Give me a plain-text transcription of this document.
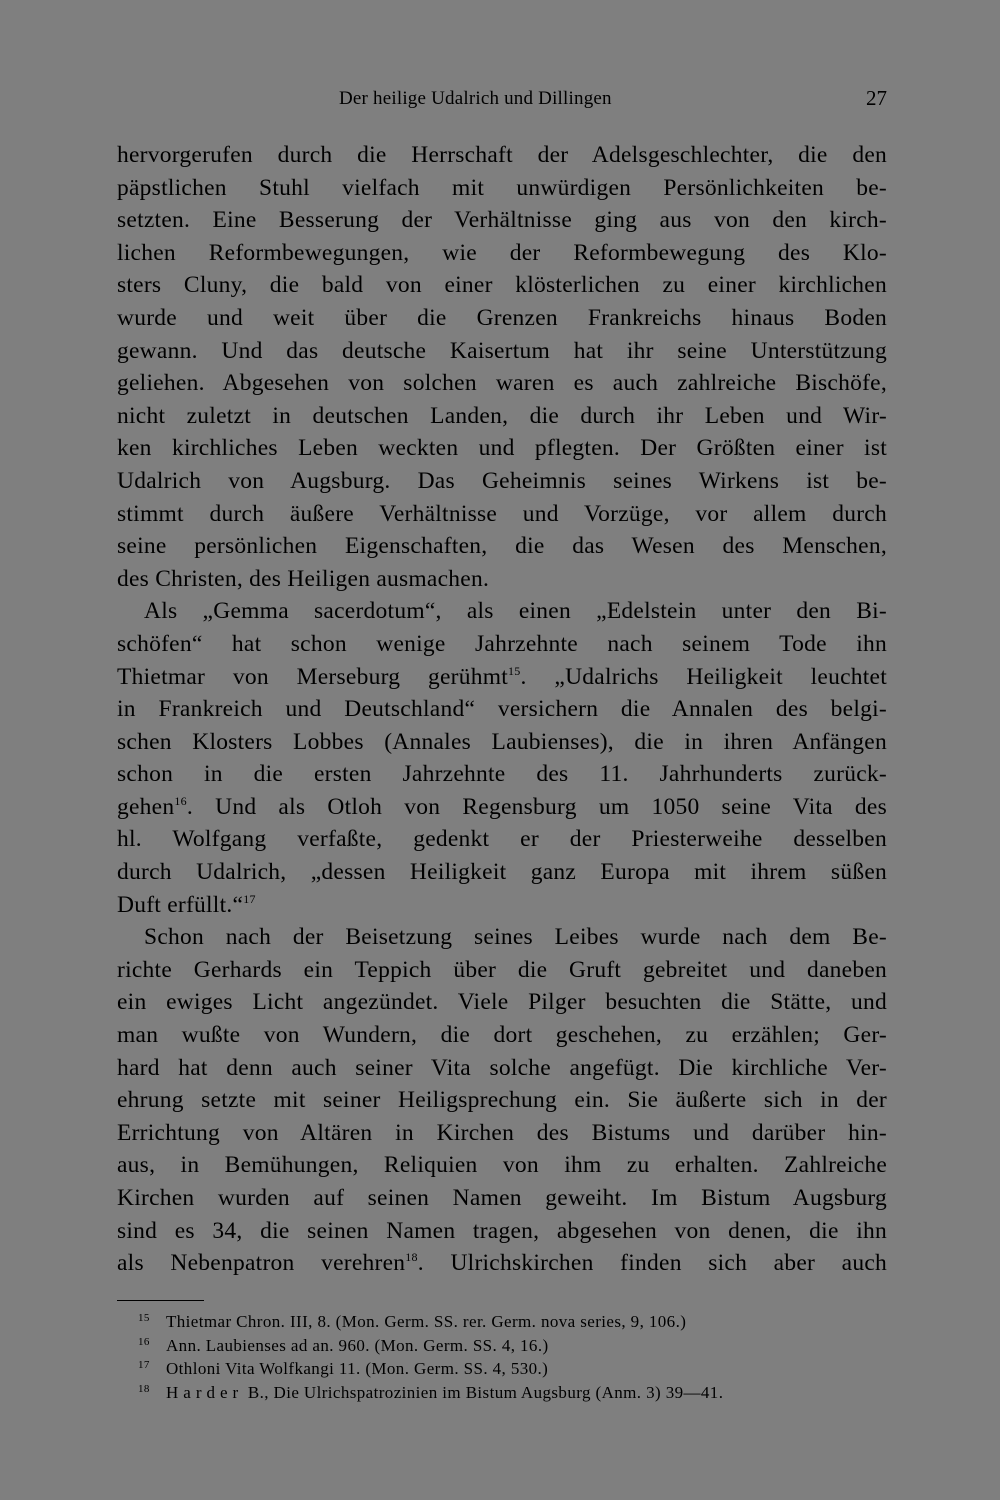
Der heilige Udalrich und Dillingen	27
hervorgerufen durch die Herrschaft der Adelsgeschlechter, die den
päpstlichen Stuhl vielfach mit unwürdigen Persönlichkeiten be-
setzten. Eine Besserung der Verhältnisse ging aus von den kirch-
lichen Reformbewegungen, wie der Reformbewegung des Klo-
sters Cluny, die bald von einer klösterlichen zu einer kirchlichen
wurde und weit über die Grenzen Frankreichs hinaus Boden
gewann. Und das deutsche Kaisertum hat ihr seine Unterstützung
geliehen. Abgesehen von solchen waren es auch zahlreiche Bischöfe,
nicht zuletzt in deutschen Landen, die durch ihr Leben und Wir-
ken kirchliches Leben weckten und pflegten. Der Größten einer ist
Udalrich von Augsburg. Das Geheimnis seines Wirkens ist be-
stimmt durch äußere Verhältnisse und Vorzüge, vor allem durch
seine persönlichen Eigenschaften, die das Wesen des Menschen,
des Christen, des Heiligen ausmachen.
Als „Gemma sacerdotum“, als einen „Edelstein unter den Bi-
schöfen“ hat schon wenige Jahrzehnte nach seinem Tode ihn
Thietmar von Merseburg gerühmt$^{15}$. „Udalrichs Heiligkeit leuchtet
in Frankreich und Deutschland“ versichern die Annalen des belgi-
schen Klosters Lobbes (Annales Laubienses), die in ihren Anfängen
schon in die ersten Jahrzehnte des 11. Jahrhunderts zurück-
gehen$^{16}$. Und als Otloh von Regensburg um 1050 seine Vita des
hl. Wolfgang verfaßte, gedenkt er der Priesterweihe desselben
durch Udalrich, „dessen Heiligkeit ganz Europa mit ihrem süßen
Duft erfüllt.“$^{17}$
Schon nach der Beisetzung seines Leibes wurde nach dem Be-
richte Gerhards ein Teppich über die Gruft gebreitet und daneben
ein ewiges Licht angezündet. Viele Pilger besuchten die Stätte, und
man wußte von Wundern, die dort geschehen, zu erzählen; Ger-
hard hat denn auch seiner Vita solche angefügt. Die kirchliche Ver-
ehrung setzte mit seiner Heiligsprechung ein. Sie äußerte sich in der
Errichtung von Altären in Kirchen des Bistums und darüber hin-
aus, in Bemühungen, Reliquien von ihm zu erhalten. Zahlreiche
Kirchen wurden auf seinen Namen geweiht. Im Bistum Augsburg
sind es 34, die seinen Namen tragen, abgesehen von denen, die ihn
als Nebenpatron verehren$^{18}$. Ulrichskirchen finden sich aber auch
15 Thietmar Chron. III, 8. (Mon. Germ. SS. rer. Germ. nova series, 9, 106.)
16 Ann. Laubienses ad an. 960. (Mon. Germ. SS. 4, 16.)
17 Othloni Vita Wolfkangi 11. (Mon. Germ. SS. 4, 530.)
18 Harder B., Die Ulrichspatrozinien im Bistum Augsburg (Anm. 3) 39—41.
